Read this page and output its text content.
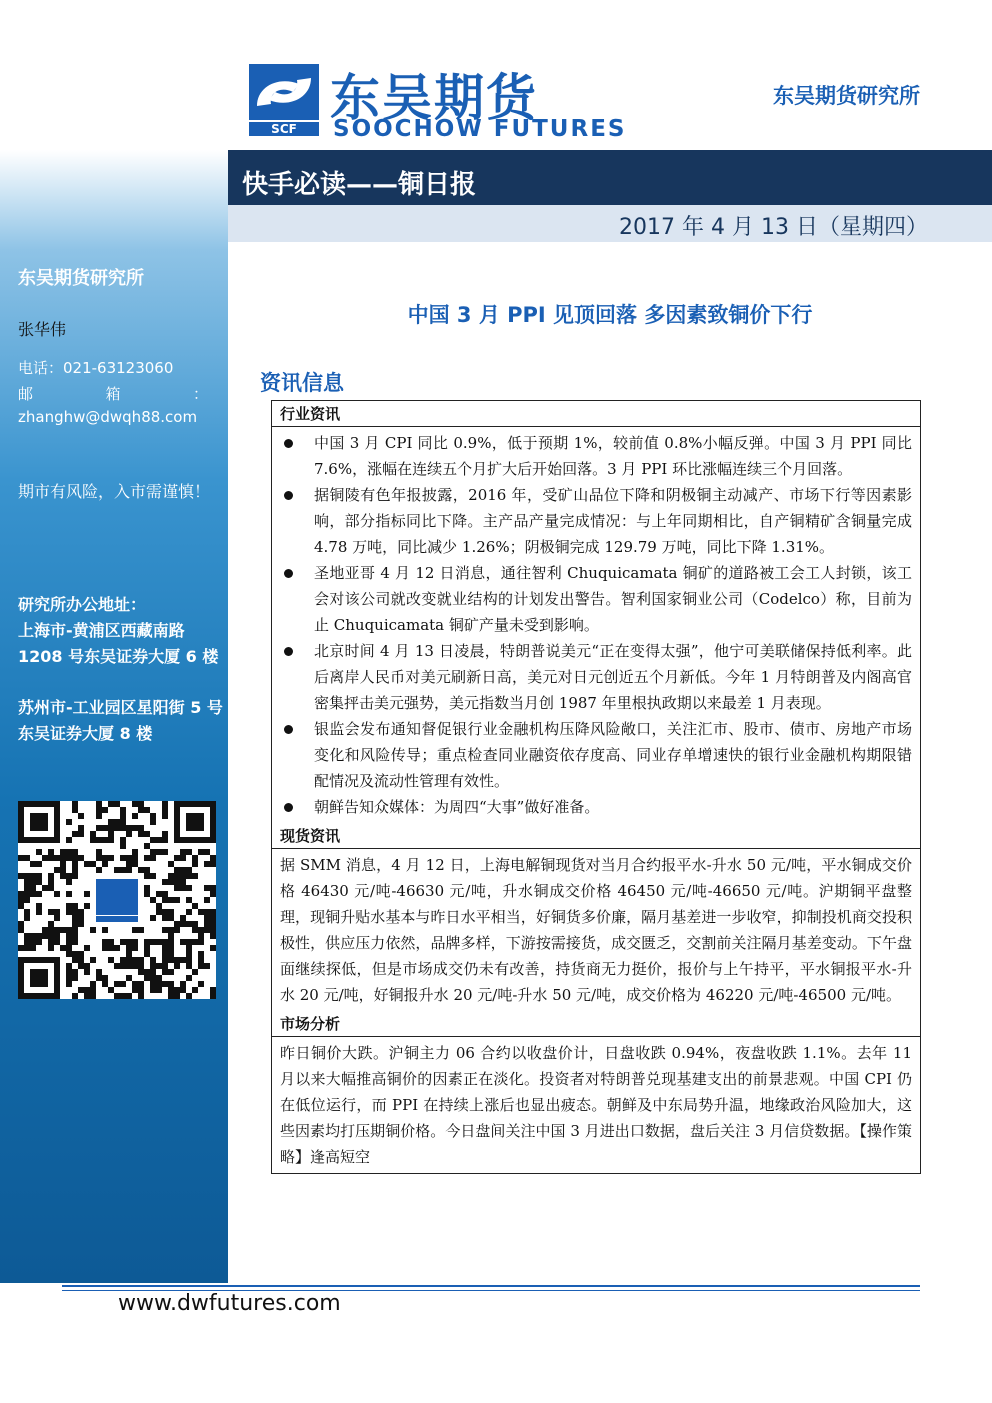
东吴期货研究所
张华伟
电话：021-63123060
邮	箱	：
zhanghw@dwqh88.com
期市有风险，入市需谨慎！
研究所办公地址：
上海市-黄浦区西藏南路 1208 号东吴证券大厦 6 楼
苏州市-工业园区星阳街 5 号东吴证券大厦 8 楼
SCF
东吴期货
SOOCHOW FUTURES
东吴期货研究所
快手必读——铜日报
2017 年 4 月 13 日（星期四）
中国 3 月 PPI 见顶回落 多因素致铜价下行
资讯信息
行业资讯

中国 3 月 CPI 同比 0.9%，低于预期 1%，较前值 0.8%小幅反弹。中国 3 月 PPI 同比 7.6%，涨幅在连续五个月扩大后开始回落。3 月 PPI 环比涨幅连续三个月回落。
据铜陵有色年报披露，2016 年，受矿山品位下降和阴极铜主动减产、市场下行等因素影响，部分指标同比下降。主产品产量完成情况：与上年同期相比，自产铜精矿含铜量完成 4.78 万吨，同比减少 1.26%；阴极铜完成 129.79 万吨，同比下降 1.31%。
圣地亚哥 4 月 12 日消息，通往智利 Chuquicamata 铜矿的道路被工会工人封锁，该工会对该公司就改变就业结构的计划发出警告。智利国家铜业公司（Codelco）称，目前为止 Chuquicamata 铜矿产量未受到影响。
北京时间 4 月 13 日凌晨，特朗普说美元“正在变得太强”，他宁可美联储保持低利率。此后离岸人民币对美元刷新日高，美元对日元创近五个月新低。今年 1 月特朗普及内阁高官密集抨击美元强势，美元指数当月创 1987 年里根执政期以来最差 1 月表现。
银监会发布通知督促银行业金融机构压降风险敞口，关注汇市、股市、债市、房地产市场变化和风险传导；重点检查同业融资依存度高、同业存单增速快的银行业金融机构期限错配情况及流动性管理有效性。
朝鲜告知众媒体：为周四“大事”做好准备。

现货资讯
据 SMM 消息，4 月 12 日，上海电解铜现货对当月合约报平水-升水 50 元/吨，平水铜成交价格 46430 元/吨-46630 元/吨，升水铜成交价格 46450 元/吨-46650 元/吨。沪期铜平盘整理，现铜升贴水基本与昨日水平相当，好铜货多价廉，隔月基差进一步收窄，抑制投机商交投积极性，供应压力依然，品牌多样，下游按需接货，成交匮乏，交割前关注隔月基差变动。下午盘面继续探低，但是市场成交仍未有改善，持货商无力挺价，报价与上午持平，平水铜报平水-升水 20 元/吨，好铜报升水 20 元/吨-升水 50 元/吨，成交价格为 46220 元/吨-46500 元/吨。
市场分析
昨日铜价大跌。沪铜主力 06 合约以收盘价计，日盘收跌 0.94%，夜盘收跌 1.1%。去年 11 月以来大幅推高铜价的因素正在淡化。投资者对特朗普兑现基建支出的前景悲观。中国 CPI 仍在低位运行，而 PPI 在持续上涨后也显出疲态。朝鲜及中东局势升温，地缘政治风险加大，这些因素均打压期铜价格。今日盘间关注中国 3 月进出口数据，盘后关注 3 月信贷数据。【操作策略】逢高短空
www.dwfutures.com
